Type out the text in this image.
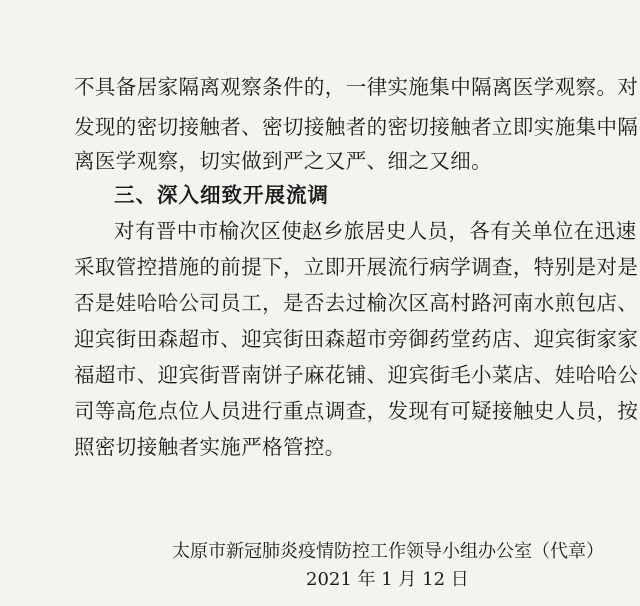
不具备居家隔离观察条件的，一律实施集中隔离医学观察。对
发现的密切接触者、密切接触者的密切接触者立即实施集中隔
离医学观察，切实做到严之又严、细之又细。
三、深入细致开展流调
对有晋中市榆次区使赵乡旅居史人员，各有关单位在迅速
采取管控措施的前提下，立即开展流行病学调查，特别是对是
否是娃哈哈公司员工，是否去过榆次区高村路河南水煎包店、
迎宾街田森超市、迎宾街田森超市旁御药堂药店、迎宾街家家
福超市、迎宾街晋南饼子麻花铺、迎宾街毛小菜店、娃哈哈公
司等高危点位人员进行重点调查，发现有可疑接触史人员，按
照密切接触者实施严格管控。
太原市新冠肺炎疫情防控工作领导小组办公室（代章）
2021 年 1 月 12 日
